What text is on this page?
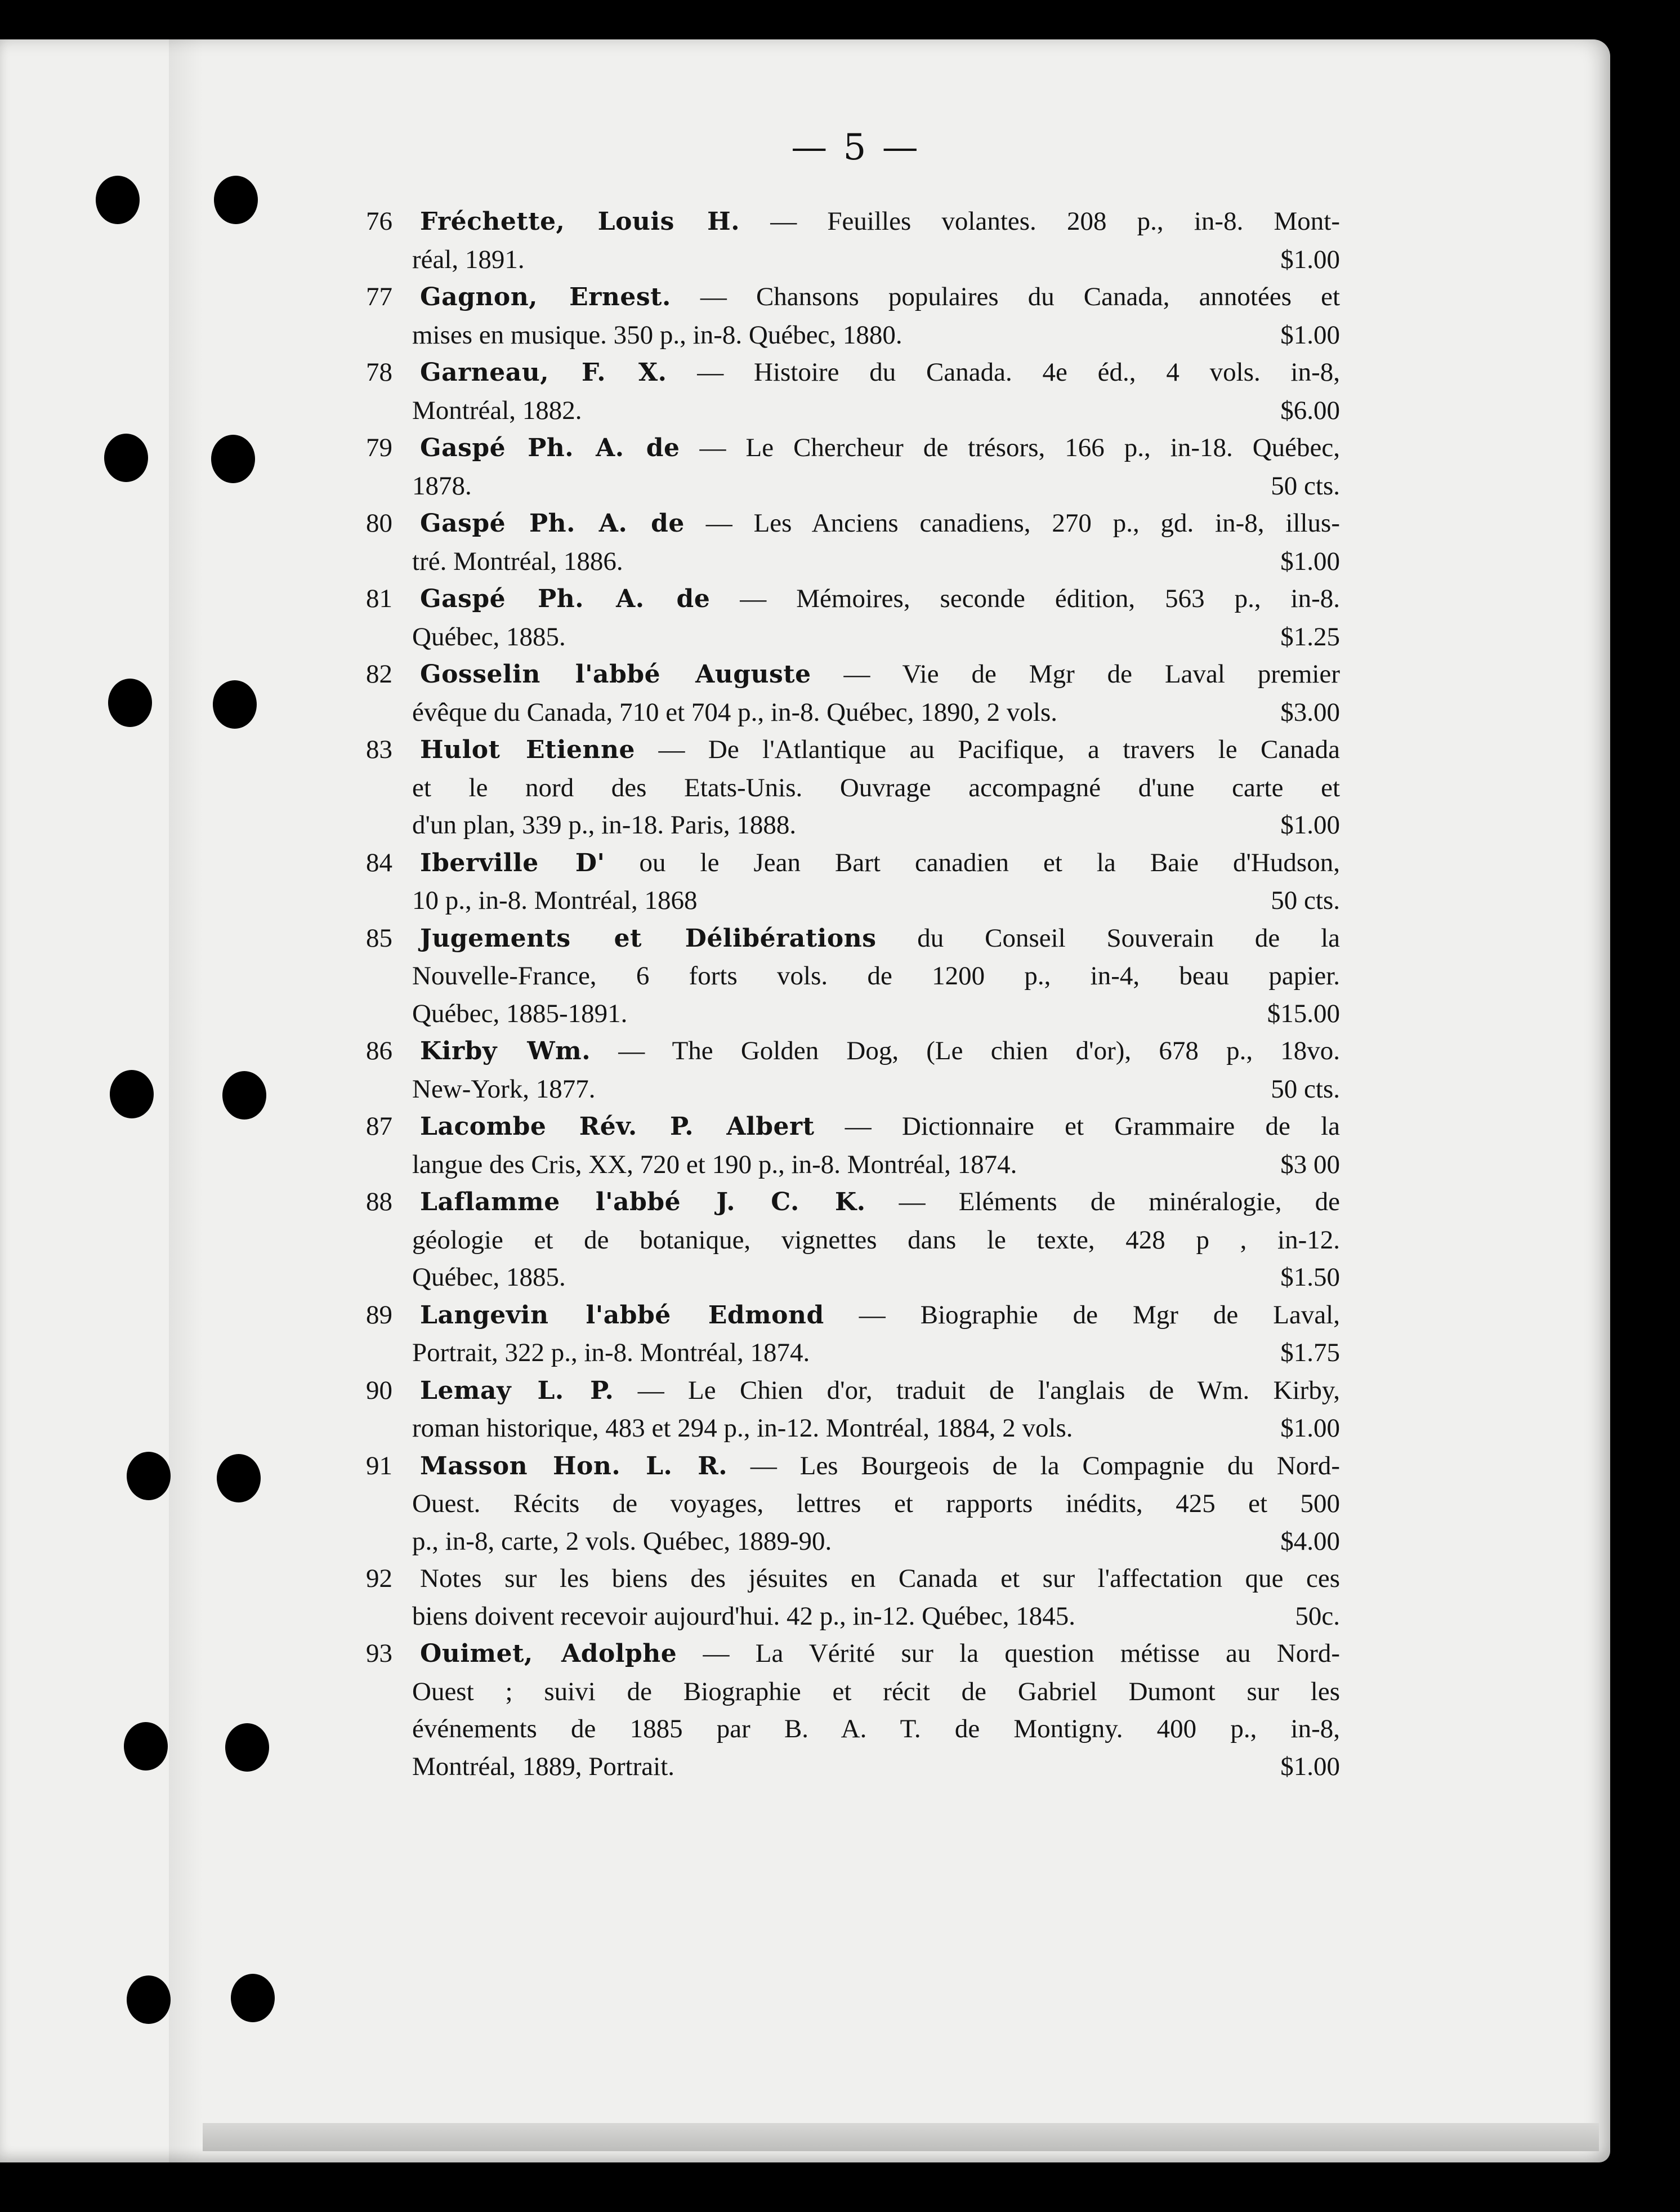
— 5 —
76	Fréchette, Louis H. — Feuilles volantes. 208 p., in-8. Mont-
réal, 1891.	$1.00
77	Gagnon, Ernest. — Chansons populaires du Canada, annotées et
mises en musique. 350 p., in-8. Québec, 1880.	$1.00
78	Garneau, F. X. — Histoire du Canada. 4e éd., 4 vols. in-8,
Montréal, 1882.	$6.00
79	Gaspé Ph. A. de — Le Chercheur de trésors, 166 p., in-18. Québec,
1878.	50 cts.
80	Gaspé Ph. A. de — Les Anciens canadiens, 270 p., gd. in-8, illus-
tré. Montréal, 1886.	$1.00
81	Gaspé Ph. A. de — Mémoires, seconde édition, 563 p., in-8.
Québec, 1885.	$1.25
82	Gosselin l'abbé Auguste — Vie de Mgr de Laval premier
évêque du Canada, 710 et 704 p., in-8. Québec, 1890, 2 vols.	$3.00
83	Hulot Etienne — De l'Atlantique au Pacifique, a travers le Canada
et le nord des Etats-Unis. Ouvrage accompagné d'une carte et
d'un plan, 339 p., in-18. Paris, 1888.	$1.00
84	Iberville D' ou le Jean Bart canadien et la Baie d'Hudson,
10 p., in-8. Montréal, 1868	50 cts.
85	Jugements et Délibérations du Conseil Souverain de la
Nouvelle-France, 6 forts vols. de 1200 p., in-4, beau papier.
Québec, 1885-1891.	$15.00
86	Kirby Wm. — The Golden Dog, (Le chien d'or), 678 p., 18vo.
New-York, 1877.	50 cts.
87	Lacombe Rév. P. Albert — Dictionnaire et Grammaire de la
langue des Cris, XX, 720 et 190 p., in-8. Montréal, 1874.	$3 00
88	Laflamme l'abbé J. C. K. — Eléments de minéralogie, de
géologie et de botanique, vignettes dans le texte, 428 p , in-12.
Québec, 1885.	$1.50
89	Langevin l'abbé Edmond — Biographie de Mgr de Laval,
Portrait, 322 p., in-8. Montréal, 1874.	$1.75
90	Lemay L. P. — Le Chien d'or, traduit de l'anglais de Wm. Kirby,
roman historique, 483 et 294 p., in-12. Montréal, 1884, 2 vols.	$1.00
91	Masson Hon. L. R. — Les Bourgeois de la Compagnie du Nord-
Ouest. Récits de voyages, lettres et rapports inédits, 425 et 500
p., in-8, carte, 2 vols. Québec, 1889-90.	$4.00
92	Notes sur les biens des jésuites en Canada et sur l'affectation que ces
biens doivent recevoir aujourd'hui. 42 p., in-12. Québec, 1845.	50c.
93	Ouimet, Adolphe — La Vérité sur la question métisse au Nord-
Ouest ; suivi de Biographie et récit de Gabriel Dumont sur les
événements de 1885 par B. A. T. de Montigny. 400 p., in-8,
Montréal, 1889, Portrait.	$1.00
